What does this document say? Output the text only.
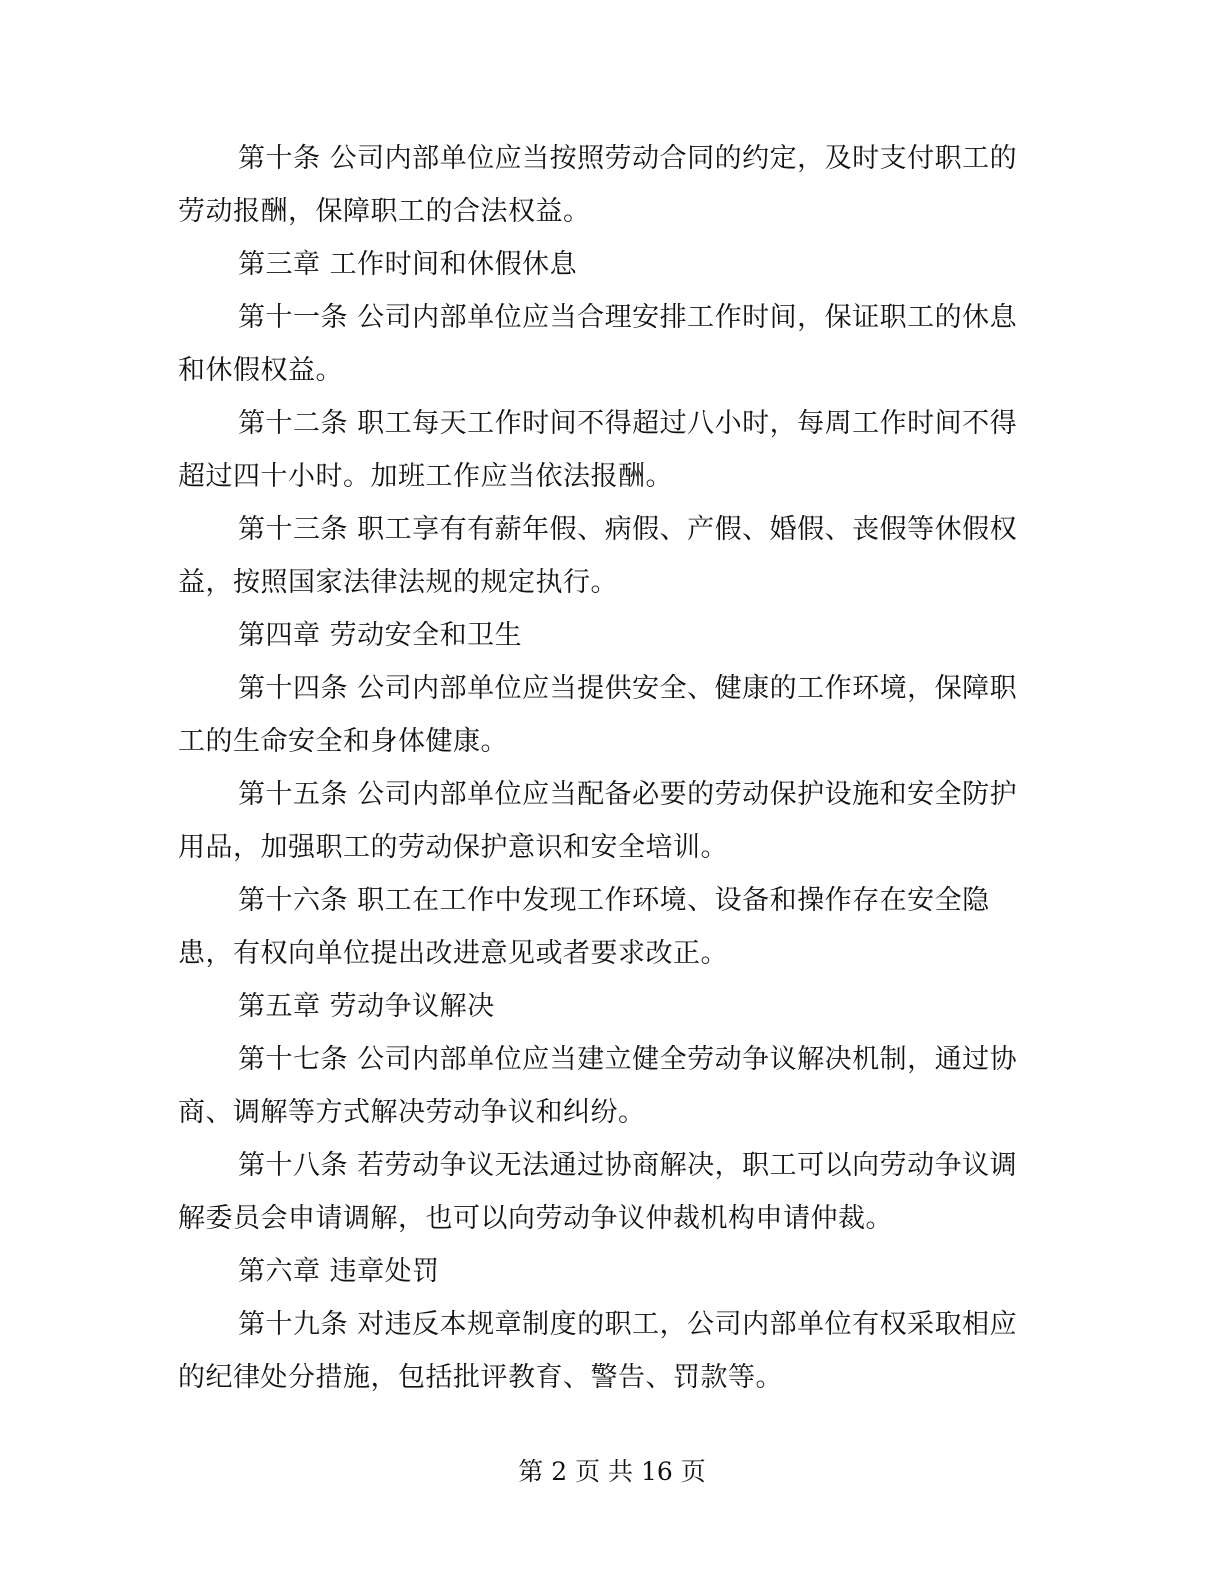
第十条 公司内部单位应当按照劳动合同的约定，及时支付职工的劳动报酬，保障职工的合法权益。

第三章 工作时间和休假休息

第十一条 公司内部单位应当合理安排工作时间，保证职工的休息和休假权益。

第十二条 职工每天工作时间不得超过八小时，每周工作时间不得超过四十小时。加班工作应当依法报酬。

第十三条 职工享有有薪年假、病假、产假、婚假、丧假等休假权益，按照国家法律法规的规定执行。

第四章 劳动安全和卫生

第十四条 公司内部单位应当提供安全、健康的工作环境，保障职工的生命安全和身体健康。

第十五条 公司内部单位应当配备必要的劳动保护设施和安全防护用品，加强职工的劳动保护意识和安全培训。

第十六条 职工在工作中发现工作环境、设备和操作存在安全隐患，有权向单位提出改进意见或者要求改正。

第五章 劳动争议解决

第十七条 公司内部单位应当建立健全劳动争议解决机制，通过协商、调解等方式解决劳动争议和纠纷。

第十八条 若劳动争议无法通过协商解决，职工可以向劳动争议调解委员会申请调解，也可以向劳动争议仲裁机构申请仲裁。

第六章 违章处罚

第十九条 对违反本规章制度的职工，公司内部单位有权采取相应的纪律处分措施，包括批评教育、警告、罚款等。

第 2 页 共 16 页
